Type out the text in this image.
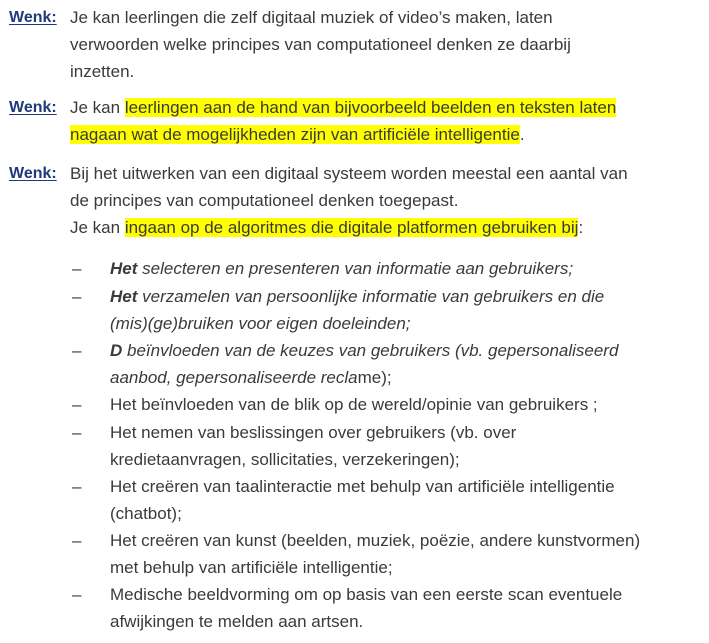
Wenk: Je kan leerlingen die zelf digitaal muziek of video’s maken, laten
verwoorden welke principes van computationeel denken ze daarbij
inzetten.
Wenk: Je kan leerlingen aan de hand van bijvoorbeeld beelden en teksten laten
nagaan wat de mogelijkheden zijn van artificiële intelligentie.
Wenk: Bij het uitwerken van een digitaal systeem worden meestal een aantal van
de principes van computationeel denken toegepast.
Je kan ingaan op de algoritmes die digitale platformen gebruiken bij:
– Het selecteren en presenteren van informatie aan gebruikers;
– Het verzamelen van persoonlijke informatie van gebruikers en die
(mis)(ge)bruiken voor eigen doeleinden;
– D beïnvloeden van de keuzes van gebruikers (vb. gepersonaliseerd
aanbod, gepersonaliseerde reclame);
– Het beïnvloeden van de blik op de wereld/opinie van gebruikers ;
– Het nemen van beslissingen over gebruikers (vb. over
kredietaanvragen, sollicitaties, verzekeringen);
– Het creëren van taalinteractie met behulp van artificiële intelligentie
(chatbot);
– Het creëren van kunst (beelden, muziek, poëzie, andere kunstvormen)
met behulp van artificiële intelligentie;
– Medische beeldvorming om op basis van een eerste scan eventuele
afwijkingen te melden aan artsen.
